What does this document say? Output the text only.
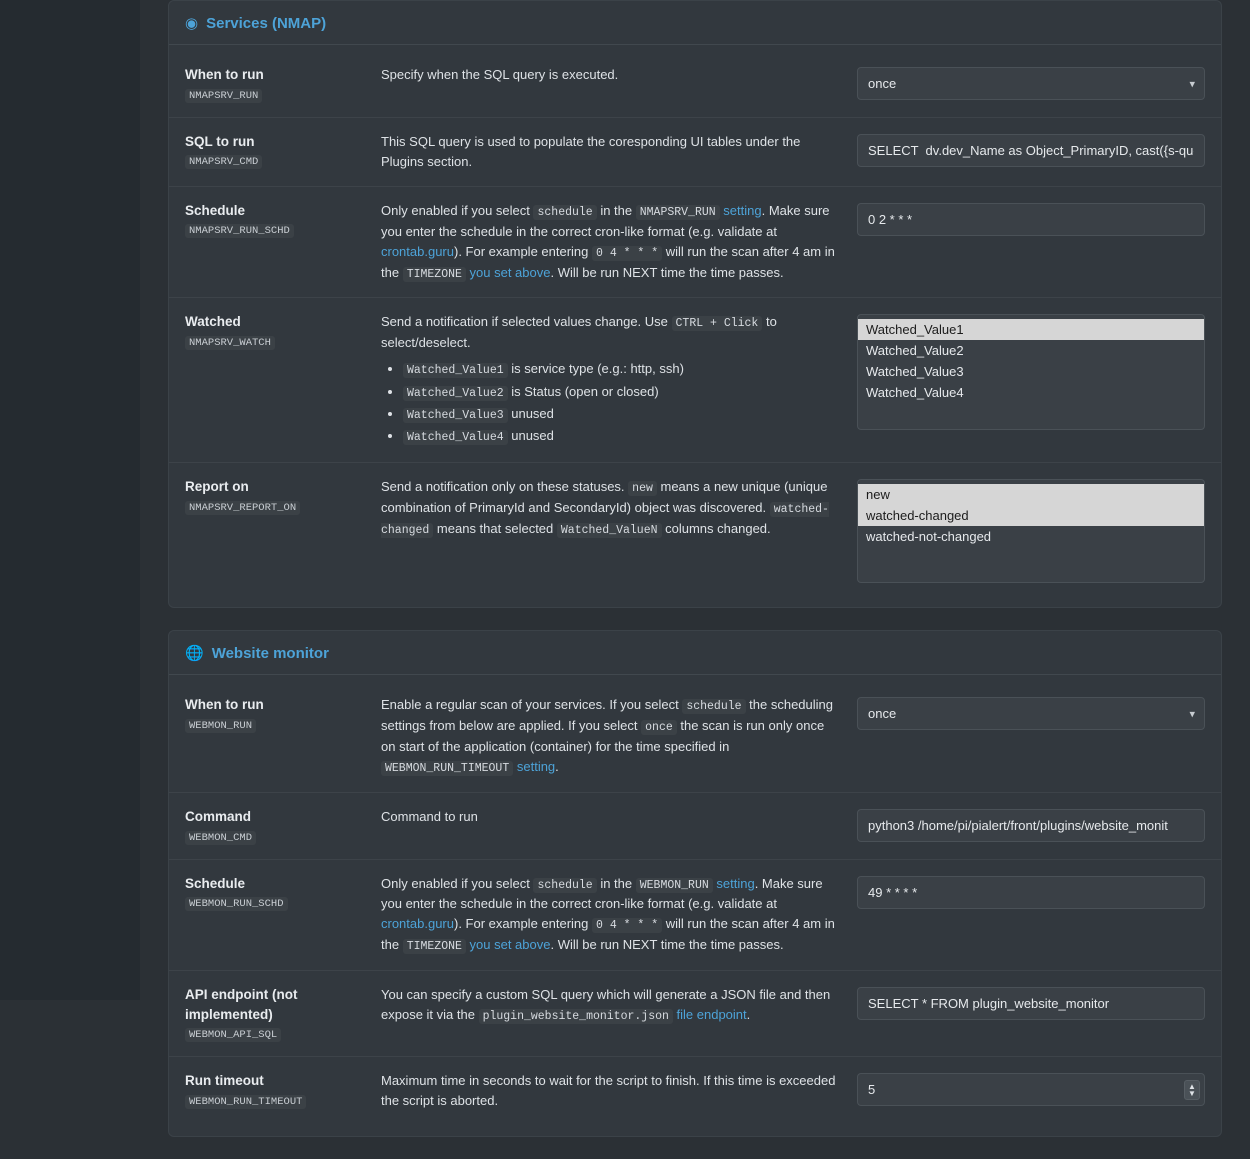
◉ Services (NMAP)
When to run
NMAPSRV_RUN
Specify when the SQL query is executed.
once
▾
SQL to run
NMAPSRV_CMD
This SQL query is used to populate the coresponding UI tables under the Plugins section.
SELECT dv.dev_Name as Object_PrimaryID, cast({s-quo
Schedule
NMAPSRV_RUN_SCHD
Only enabled if you select schedule in the NMAPSRV_RUN setting. Make sure you enter the schedule in the correct cron-like format (e.g. validate at crontab.guru). For example entering 0 4 * * * will run the scan after 4 am in the TIMEZONE you set above. Will be run NEXT time the time passes.
0 2 * * *
Watched
NMAPSRV_WATCH
Send a notification if selected values change. Use CTRL + Click to select/deselect.
• Watched_Value1 is service type (e.g.: http, ssh)
• Watched_Value2 is Status (open or closed)
• Watched_Value3 unused
• Watched_Value4 unused
Watched_Value1
Watched_Value2
Watched_Value3
Watched_Value4
Report on
NMAPSRV_REPORT_ON
Send a notification only on these statuses. new means a new unique (unique combination of PrimaryId and SecondaryId) object was discovered. watched-changed means that selected Watched_ValueN columns changed.
new
watched-changed
watched-not-changed
🌐 Website monitor
When to run
WEBMON_RUN
Enable a regular scan of your services. If you select schedule the scheduling settings from below are applied. If you select once the scan is run only once on start of the application (container) for the time specified in WEBMON_RUN_TIMEOUT setting.
once
▾
Command
WEBMON_CMD
Command to run
python3 /home/pi/pialert/front/plugins/website_monit
Schedule
WEBMON_RUN_SCHD
Only enabled if you select schedule in the WEBMON_RUN setting. Make sure you enter the schedule in the correct cron-like format (e.g. validate at crontab.guru). For example entering 0 4 * * * will run the scan after 4 am in the TIMEZONE you set above. Will be run NEXT time the time passes.
49 * * * *
API endpoint (not implemented)
WEBMON_API_SQL
You can specify a custom SQL query which will generate a JSON file and then expose it via the plugin_website_monitor.json file endpoint.
SELECT * FROM plugin_website_monitor
Run timeout
WEBMON_RUN_TIMEOUT
Maximum time in seconds to wait for the script to finish. If this time is exceeded the script is aborted.
5
▲
▼
